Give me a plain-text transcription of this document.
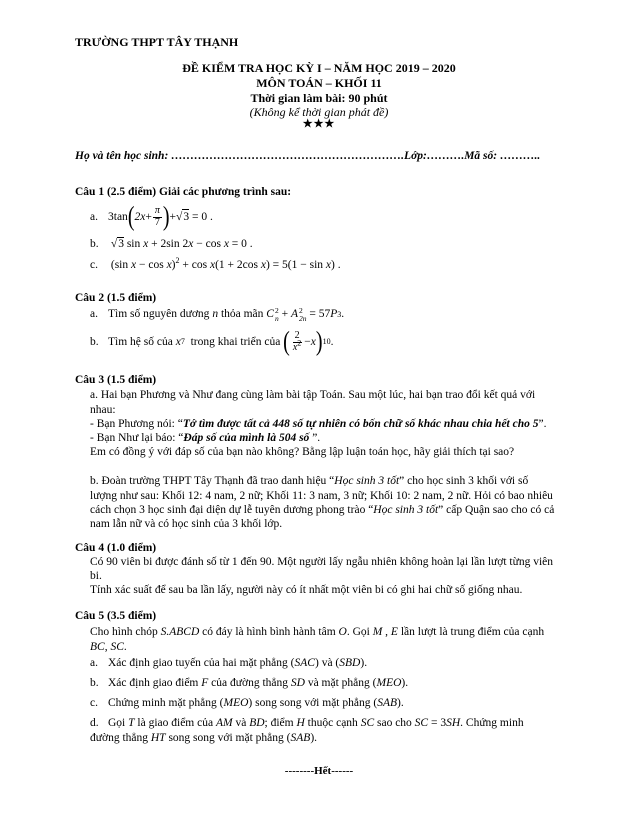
TRƯỜNG THPT TÂY THẠNH
ĐỀ KIỂM TRA HỌC KỲ I – NĂM HỌC 2019 – 2020
MÔN TOÁN – KHỐI 11
Thời gian làm bài: 90 phút
(Không kể thời gian phát đề)
★★★
Họ và tên học sinh: …………………………………………………….Lớp:……….Mã số: ………..
Câu 1 (2.5 điểm) Giải các phương trình sau:
a. 3tan ( $2x + \frac{\pi}{7}$ ) + √ 3 = 0 .
b. √3 sin x + 2sin 2x − cos x = 0 .
c. (sin x − cos x)$^2$ + cos x(1 + 2cos x) = 5(1 − sin x) .
Câu 2 (1.5 điểm)
a. Tìm số nguyên dương
n
thỏa mãn
C 2
n + A 2
2n = 57 P 3 .
b. Tìm hệ số của
x 7
trong khai triển của
( $\frac{2}{x^2} - x$ ) 10 .
Câu 3 (1.5 điểm)
a. Hai bạn Phương và Như đang cùng làm bài tập Toán. Sau một lúc, hai bạn trao đổi kết quả với
nhau:
- Bạn Phương nói: “Tớ tìm được tất cả 448 số tự nhiên có bốn chữ số khác nhau chia hết cho 5”.
- Bạn Như lại báo: “Đáp số của mình là 504 số ”.
Em có đồng ý với đáp số của bạn nào không? Bằng lập luận toán học, hãy giải thích tại sao?
b. Đoàn trường THPT Tây Thạnh đã trao danh hiệu “Học sinh 3 tốt” cho học sinh 3 khối với số
lượng như sau: Khối 12: 4 nam, 2 nữ; Khối 11: 3 nam, 3 nữ; Khối 10: 2 nam, 2 nữ. Hỏi có bao nhiêu
cách chọn 3 học sinh đại diện dự lễ tuyên dương phong trào “Học sinh 3 tốt” cấp Quận sao cho có cả
nam lẫn nữ và có học sinh của 3 khối lớp.
Câu 4 (1.0 điểm)
Có 90 viên bi được đánh số từ 1 đến 90. Một người lấy ngẫu nhiên không hoàn lại lần lượt từng viên
bi.
Tính xác suất để sau ba lần lấy, người này có ít nhất một viên bi có ghi hai chữ số giống nhau.
Câu 5 (3.5 điểm)
Cho hình chóp S.ABCD có đáy là hình bình hành tâm O. Gọi M , E lần lượt là trung điểm của cạnh
BC, SC.
a. Xác định giao tuyến của hai mặt phẳng (SAC) và (SBD).
b. Xác định giao điểm F của đường thẳng SD và mặt phẳng (MEO).
c. Chứng minh mặt phẳng (MEO) song song với mặt phẳng (SAB).
d. Gọi T là giao điểm của AM và BD; điểm H thuộc cạnh SC sao cho SC = 3SH. Chứng minh
đường thẳng HT song song với mặt phẳng (SAB).
--------Hết------
